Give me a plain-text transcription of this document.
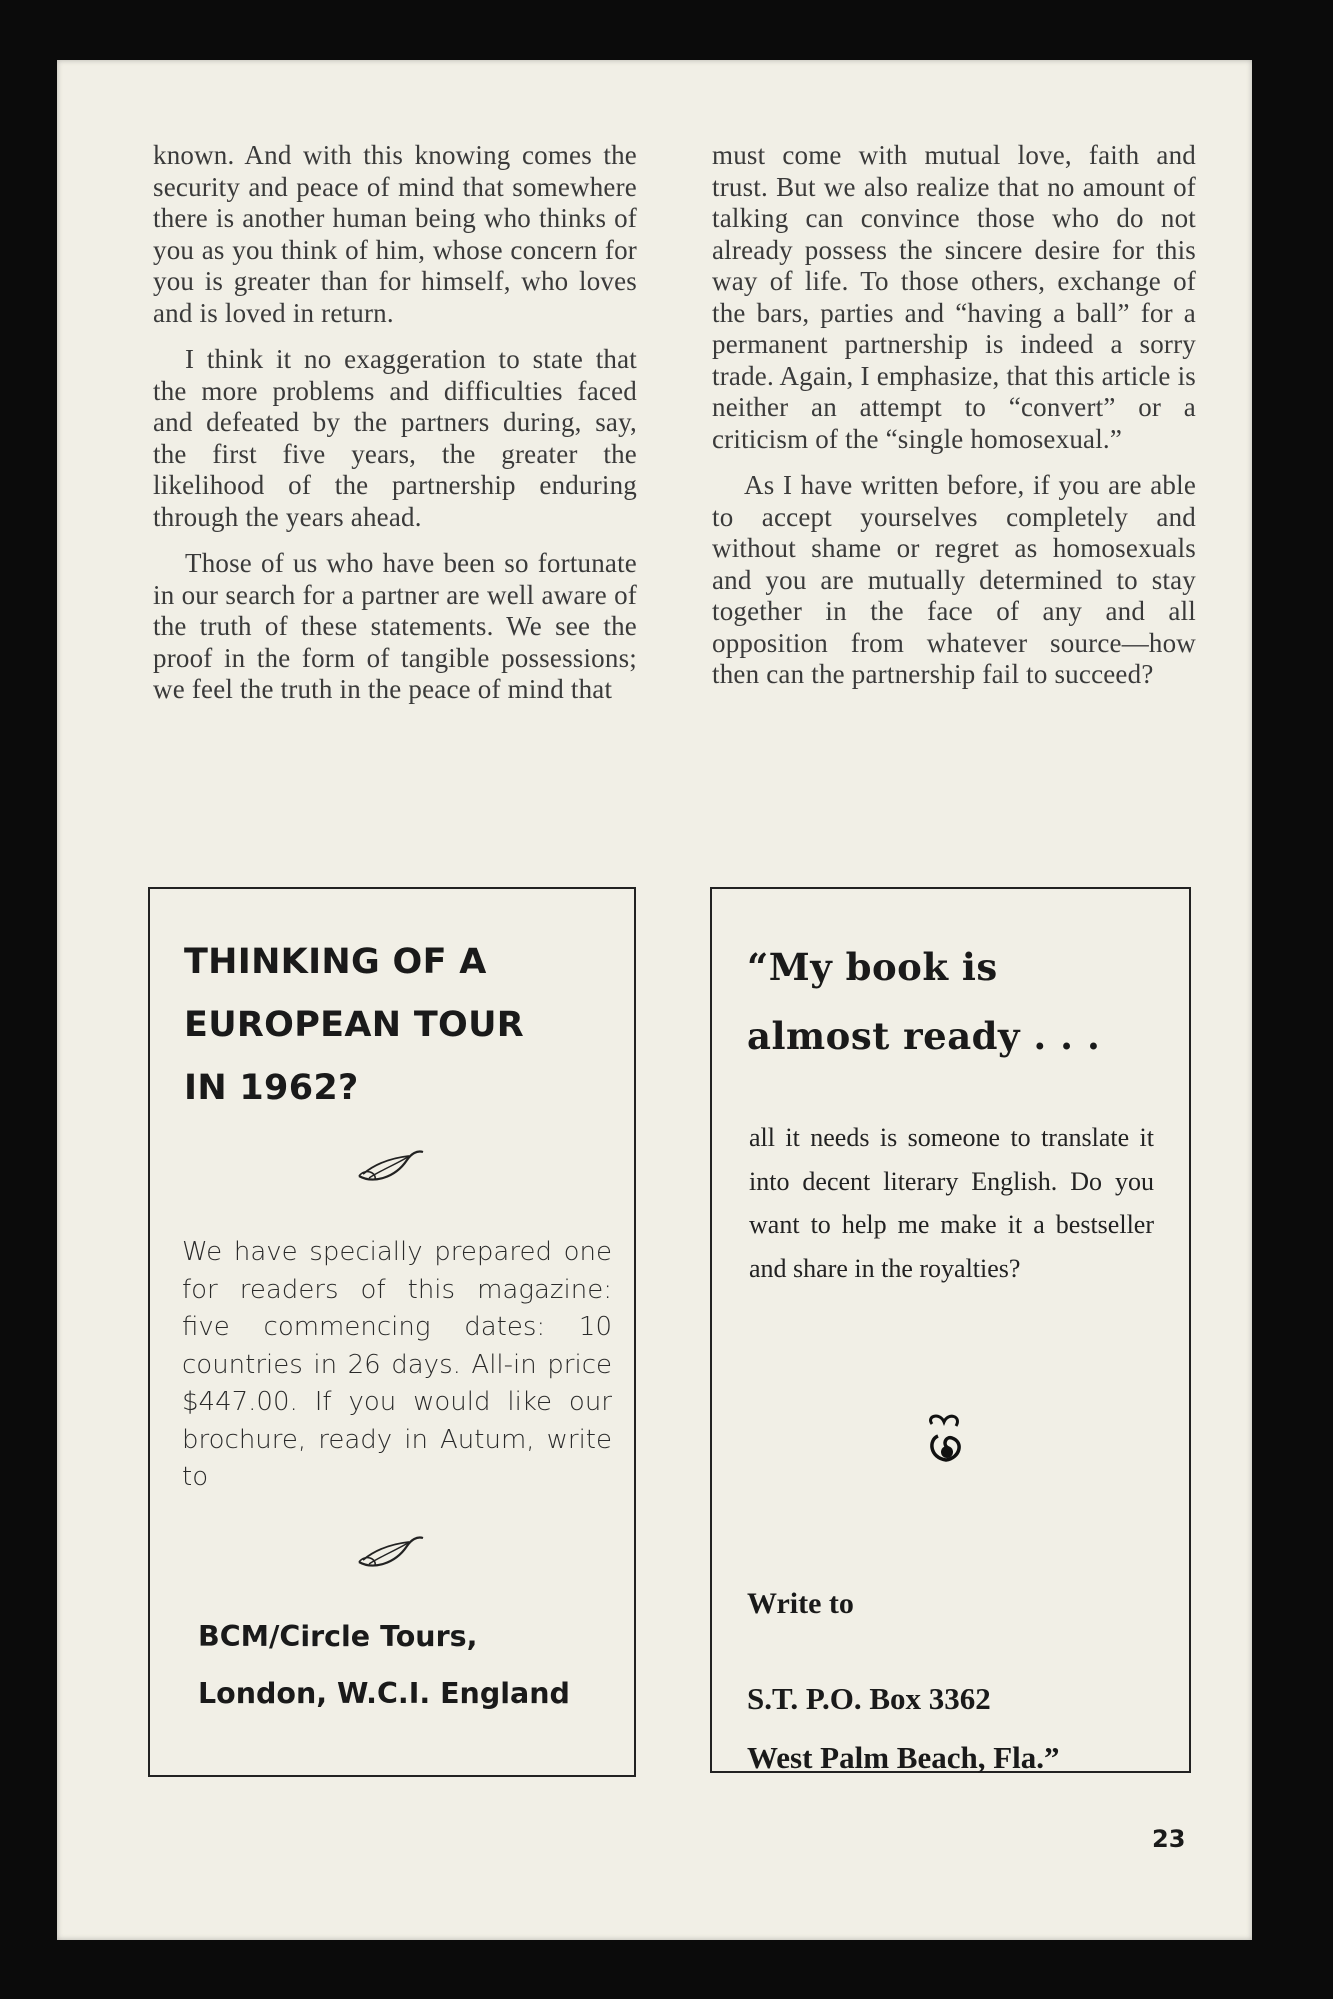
known. And with this knowing comes the security and peace of mind that somewhere there is another human being who thinks of you as you think of him, whose concern for you is greater than for himself, who loves and is loved in return.

I think it no exaggeration to state that the more problems and difficulties faced and defeated by the partners during, say, the first five years, the greater the likelihood of the partnership enduring through the years ahead.

Those of us who have been so fortunate in our search for a partner are well aware of the truth of these statements. We see the proof in the form of tangible possessions; we feel the truth in the peace of mind that

must come with mutual love, faith and trust. But we also realize that no amount of talking can convince those who do not already possess the sincere desire for this way of life. To those others, exchange of the bars, parties and “having a ball” for a permanent partnership is indeed a sorry trade. Again, I emphasize, that this article is neither an attempt to “convert” or a criticism of the “single homosexual.”

As I have written before, if you are able to accept yourselves completely and without shame or regret as homosexuals and you are mutually determined to stay together in the face of any and all opposition from whatever source—how then can the partnership fail to succeed?

THINKING OF A
EUROPEAN TOUR
IN 1962?

We have specially prepared one for readers of this magazine: five commencing dates: 10 countries in 26 days. All-in price $447.00. If you would like our brochure, ready in Autum, write to

BCM/Circle Tours,
London, W.C.I. England
“My book is
almost ready . . .

all it needs is someone to translate it into decent literary English. Do you want to help me make it a bestseller and share in the royalties?

Write to

S.T. P.O. Box 3362
West Palm Beach, Fla.”
23
